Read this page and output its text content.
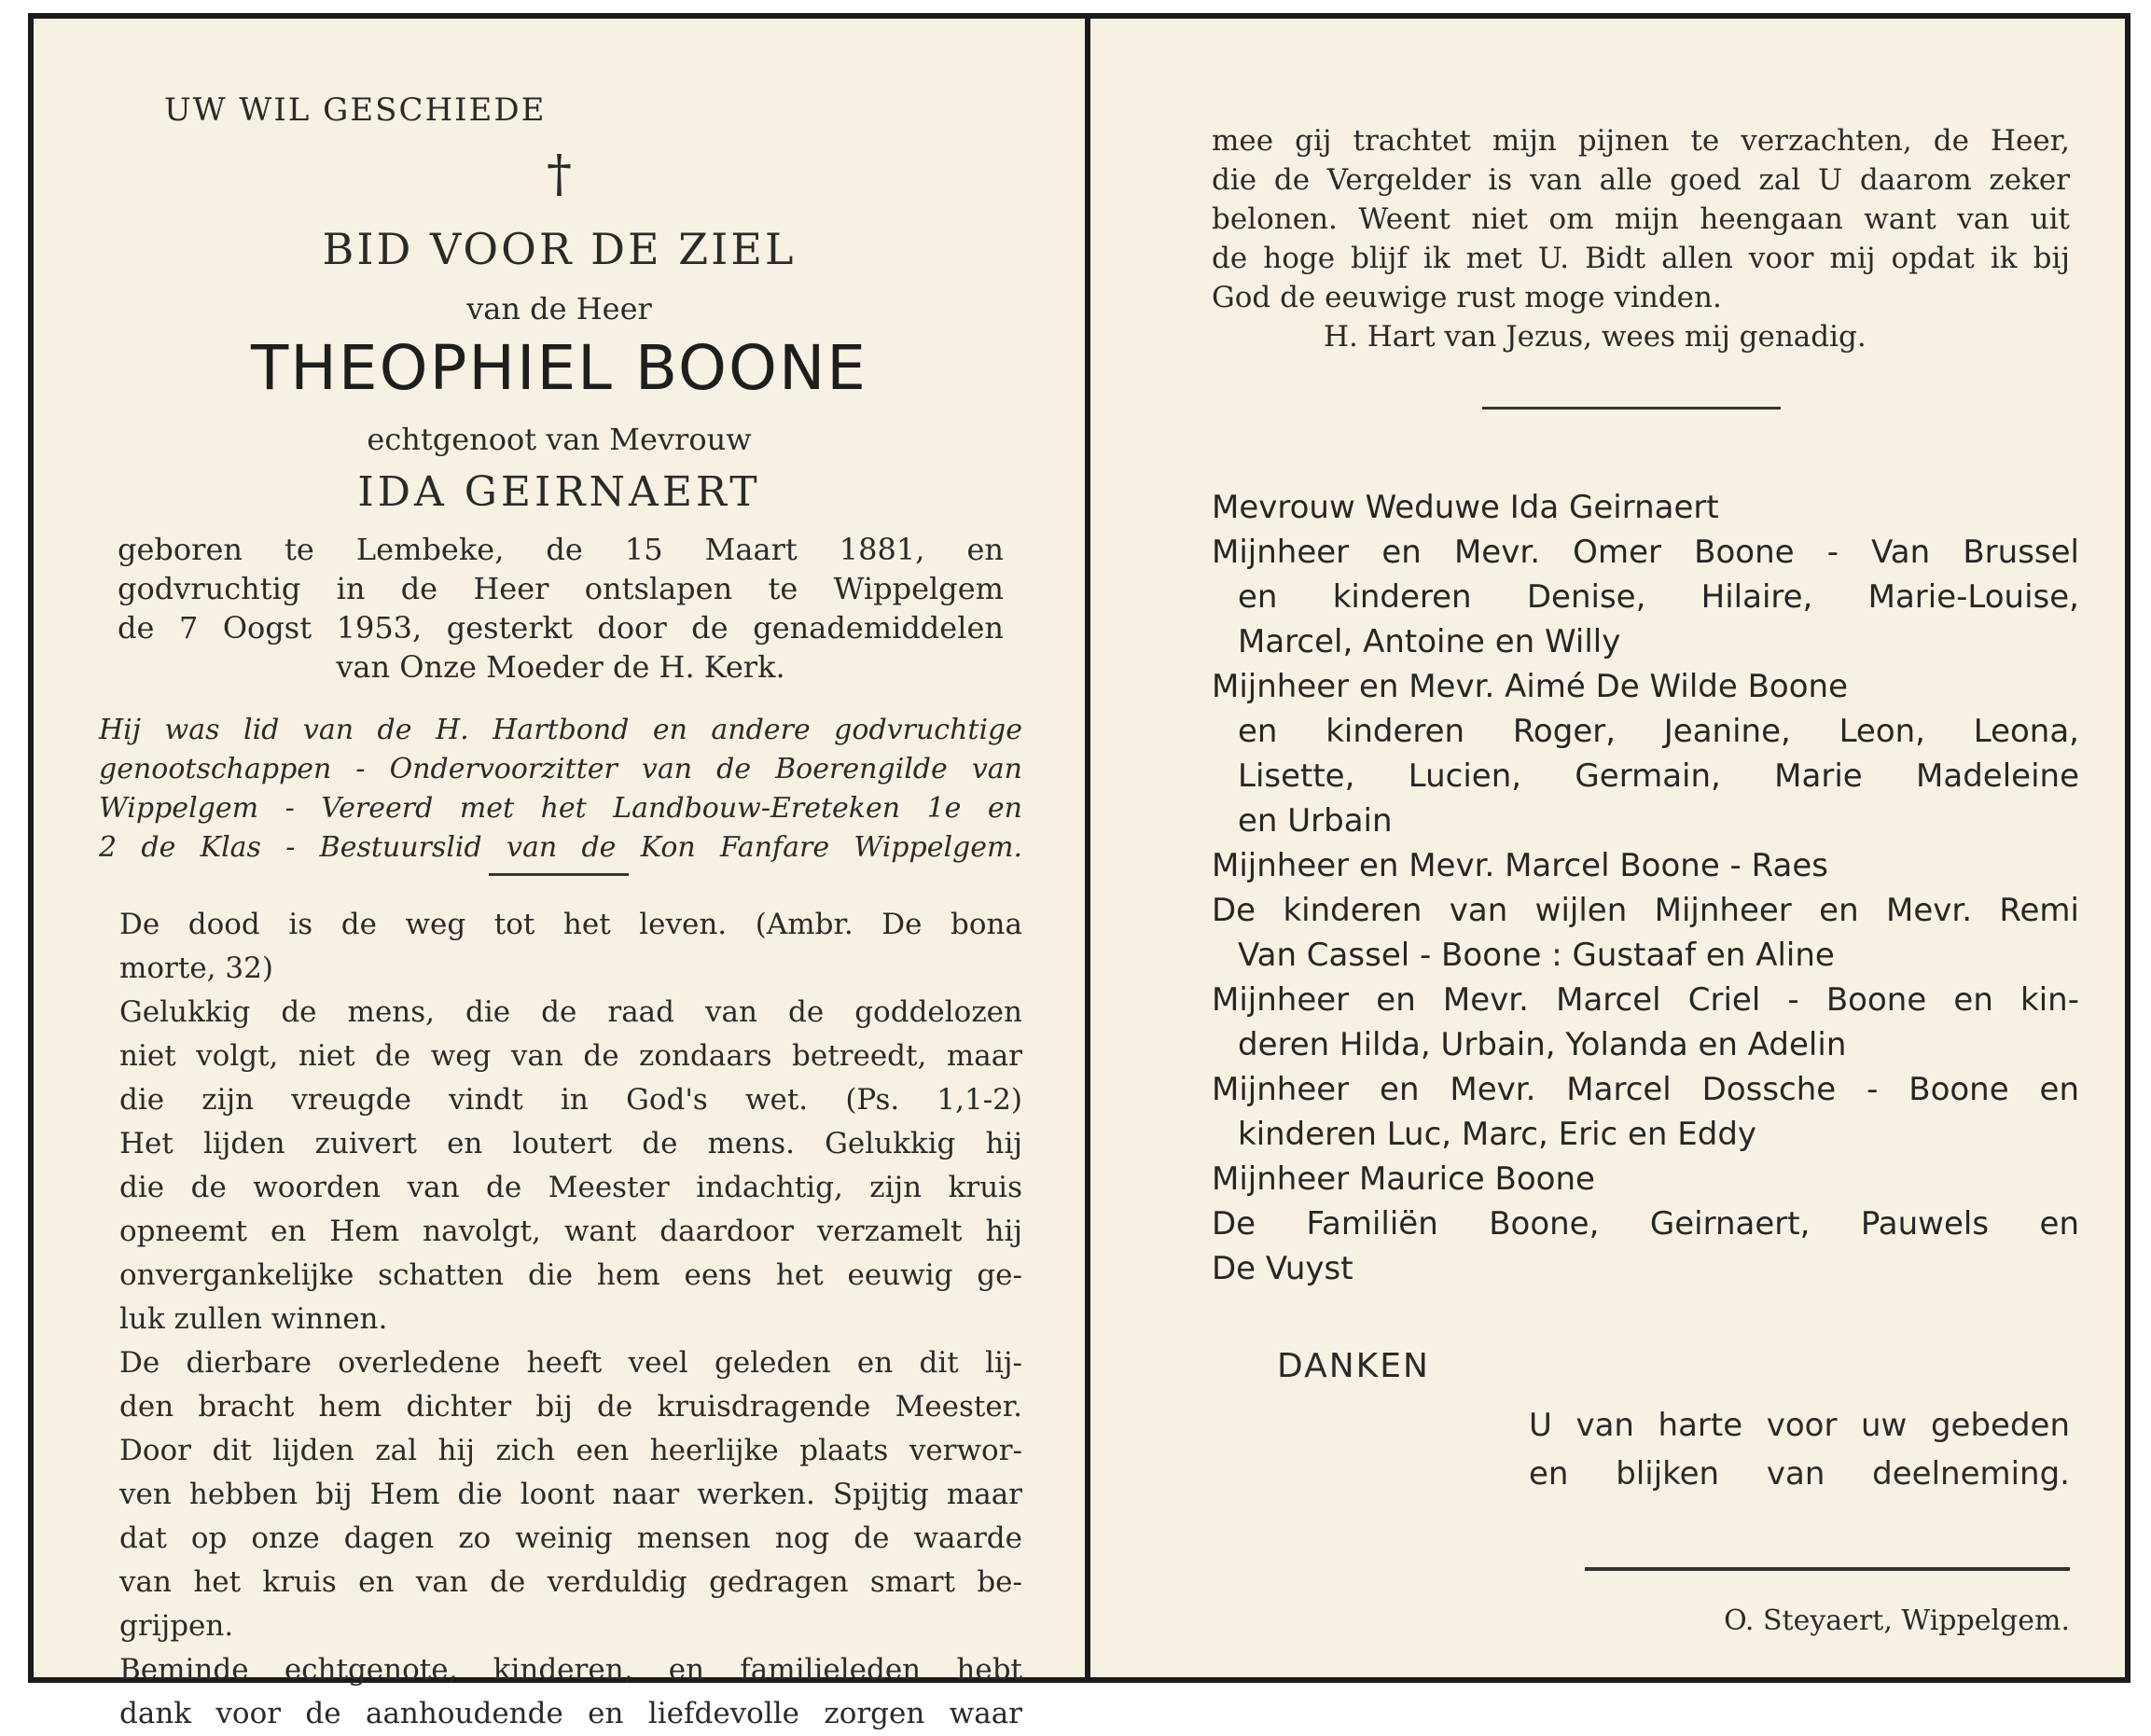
UW WIL GESCHIEDE
†
BID VOOR DE ZIEL
van de Heer
THEOPHIEL BOONE
echtgenoot van Mevrouw
IDA GEIRNAERT
geboren te Lembeke, de 15 Maart 1881, en
godvruchtig in de Heer ontslapen te Wippelgem
de 7 Oogst 1953, gesterkt door de genademiddelen
van Onze Moeder de H. Kerk.
Hij was lid van de H. Hartbond en andere godvruchtige
genootschappen - Ondervoorzitter van de Boerengilde van
Wippelgem - Vereerd met het Landbouw-Ereteken 1e en
2 de Klas - Bestuurslid van de Kon Fanfare Wippelgem.
De dood is de weg tot het leven. (Ambr. De bona
morte, 32)
Gelukkig de mens, die de raad van de goddelozen
niet volgt, niet de weg van de zondaars betreedt, maar
die zijn vreugde vindt in God's wet. (Ps. 1,1-2)
Het lijden zuivert en loutert de mens. Gelukkig hij
die de woorden van de Meester indachtig, zijn kruis
opneemt en Hem navolgt, want daardoor verzamelt hij
onvergankelijke schatten die hem eens het eeuwig ge-
luk zullen winnen.
De dierbare overledene heeft veel geleden en dit lij-
den bracht hem dichter bij de kruisdragende Meester.
Door dit lijden zal hij zich een heerlijke plaats verwor-
ven hebben bij Hem die loont naar werken. Spijtig maar
dat op onze dagen zo weinig mensen nog de waarde
van het kruis en van de verduldig gedragen smart be-
grijpen.
Beminde echtgenote, kinderen, en familieleden hebt
dank voor de aanhoudende en liefdevolle zorgen waar
mee gij trachtet mijn pijnen te verzachten, de Heer,
die de Vergelder is van alle goed zal U daarom zeker
belonen. Weent niet om mijn heengaan want van uit
de hoge blijf ik met U. Bidt allen voor mij opdat ik bij
God de eeuwige rust moge vinden.
H. Hart van Jezus, wees mij genadig.
Mevrouw Weduwe Ida Geirnaert
Mijnheer en Mevr. Omer Boone - Van Brussel
en kinderen Denise, Hilaire, Marie-Louise,
Marcel, Antoine en Willy
Mijnheer en Mevr. Aimé De Wilde Boone
en kinderen Roger, Jeanine, Leon, Leona,
Lisette, Lucien, Germain, Marie Madeleine
en Urbain
Mijnheer en Mevr. Marcel Boone - Raes
De kinderen van wijlen Mijnheer en Mevr. Remi
Van Cassel - Boone : Gustaaf en Aline
Mijnheer en Mevr. Marcel Criel - Boone en kin-
deren Hilda, Urbain, Yolanda en Adelin
Mijnheer en Mevr. Marcel Dossche - Boone en
kinderen Luc, Marc, Eric en Eddy
Mijnheer Maurice Boone
De Familiën Boone, Geirnaert, Pauwels en
De Vuyst
DANKEN
U van harte voor uw gebeden
en blijken van deelneming.
O. Steyaert, Wippelgem.
